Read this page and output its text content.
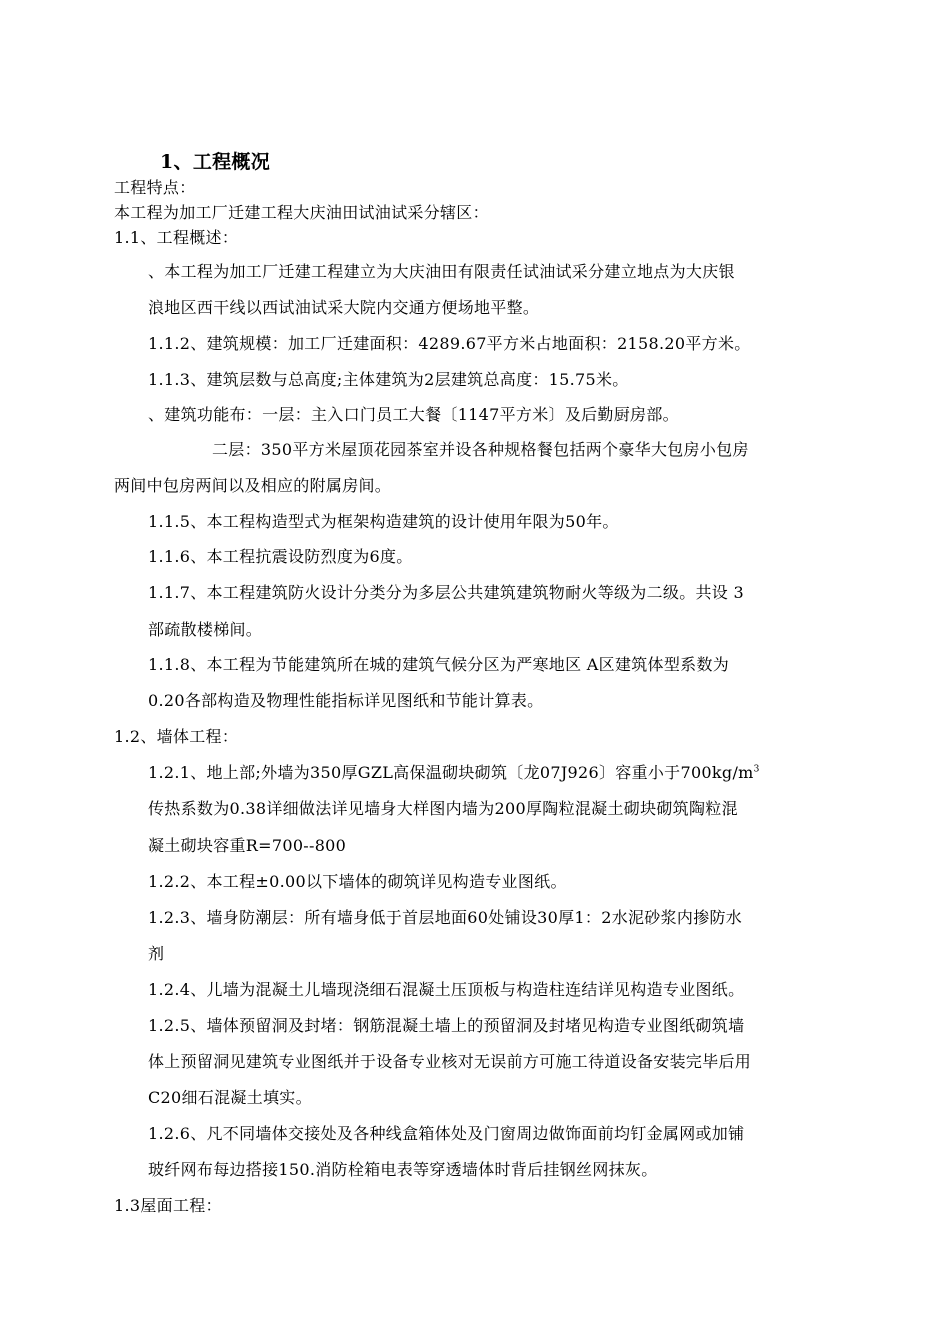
1、工程概况
工程特点：
本工程为加工厂迁建工程大庆油田试油试采分辖区：
1.1、工程概述：
、本工程为加工厂迁建工程建立为大庆油田有限责任试油试采分建立地点为大庆银
浪地区西干线以西试油试采大院内交通方便场地平整。
1.1.2、建筑规模：加工厂迁建面积：4289.67平方米占地面积：2158.20平方米。
1.1.3、建筑层数与总高度;主体建筑为2层建筑总高度：15.75米。
、建筑功能布：一层：主入口门员工大餐〔1147平方米〕及后勤厨房部。
二层：350平方米屋顶花园茶室并设各种规格餐包括两个豪华大包房小包房
两间中包房两间以及相应的附属房间。
1.1.5、本工程构造型式为框架构造建筑的设计使用年限为50年。
1.1.6、本工程抗震设防烈度为6度。
1.1.7、本工程建筑防火设计分类分为多层公共建筑建筑物耐火等级为二级。共设 3
部疏散楼梯间。
1.1.8、本工程为节能建筑所在城的建筑气候分区为严寒地区 A区建筑体型系数为
0.20各部构造及物理性能指标详见图纸和节能计算表。
1.2、墙体工程：
1.2.1、地上部;外墙为350厚GZL高保温砌块砌筑〔龙07J926〕容重小于$700kg/m^3$
传热系数为0.38详细做法详见墙身大样图内墙为200厚陶粒混凝土砌块砌筑陶粒混
凝土砌块容重R=700--800
1.2.2、本工程±0.00以下墙体的砌筑详见构造专业图纸。
1.2.3、墙身防潮层：所有墙身低于首层地面60处铺设30厚1：2水泥砂浆内掺防水
剂
1.2.4、儿墙为混凝土儿墙现浇细石混凝土压顶板与构造柱连结详见构造专业图纸。
1.2.5、墙体预留洞及封堵：钢筋混凝土墙上的预留洞及封堵见构造专业图纸砌筑墙
体上预留洞见建筑专业图纸并于设备专业核对无误前方可施工待道设备安装完毕后用
C20细石混凝土填实。
1.2.6、凡不同墙体交接处及各种线盒箱体处及门窗周边做饰面前均钉金属网或加铺
玻纤网布每边搭接150.消防栓箱电表等穿透墙体时背后挂钢丝网抹灰。
1.3屋面工程：
